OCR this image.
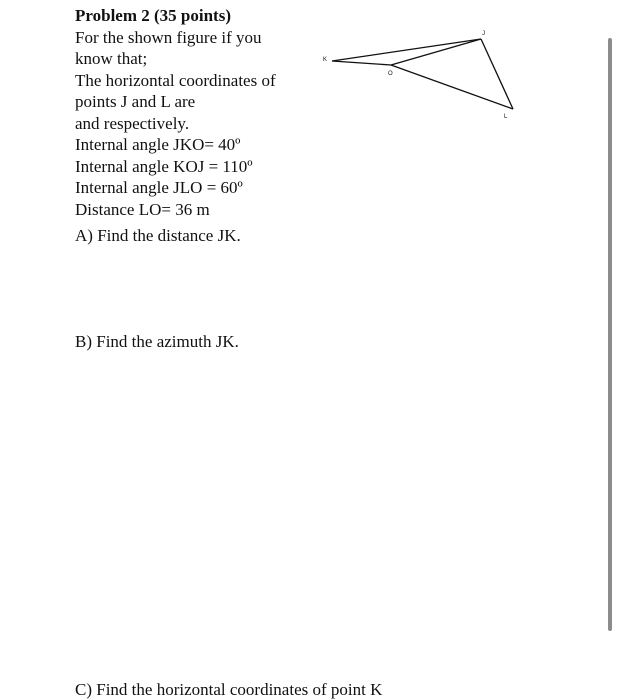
Problem 2 (35 points)
For the shown figure if you
know that;
The horizontal coordinates of
points J and L are
and respectively.
Internal angle JKO= 40º
Internal angle KOJ = 110º
Internal angle JLO = 60º
Distance LO= 36 m
K
J
O
L
A) Find the distance JK.
B) Find the azimuth JK.
C) Find the horizontal coordinates of point K
